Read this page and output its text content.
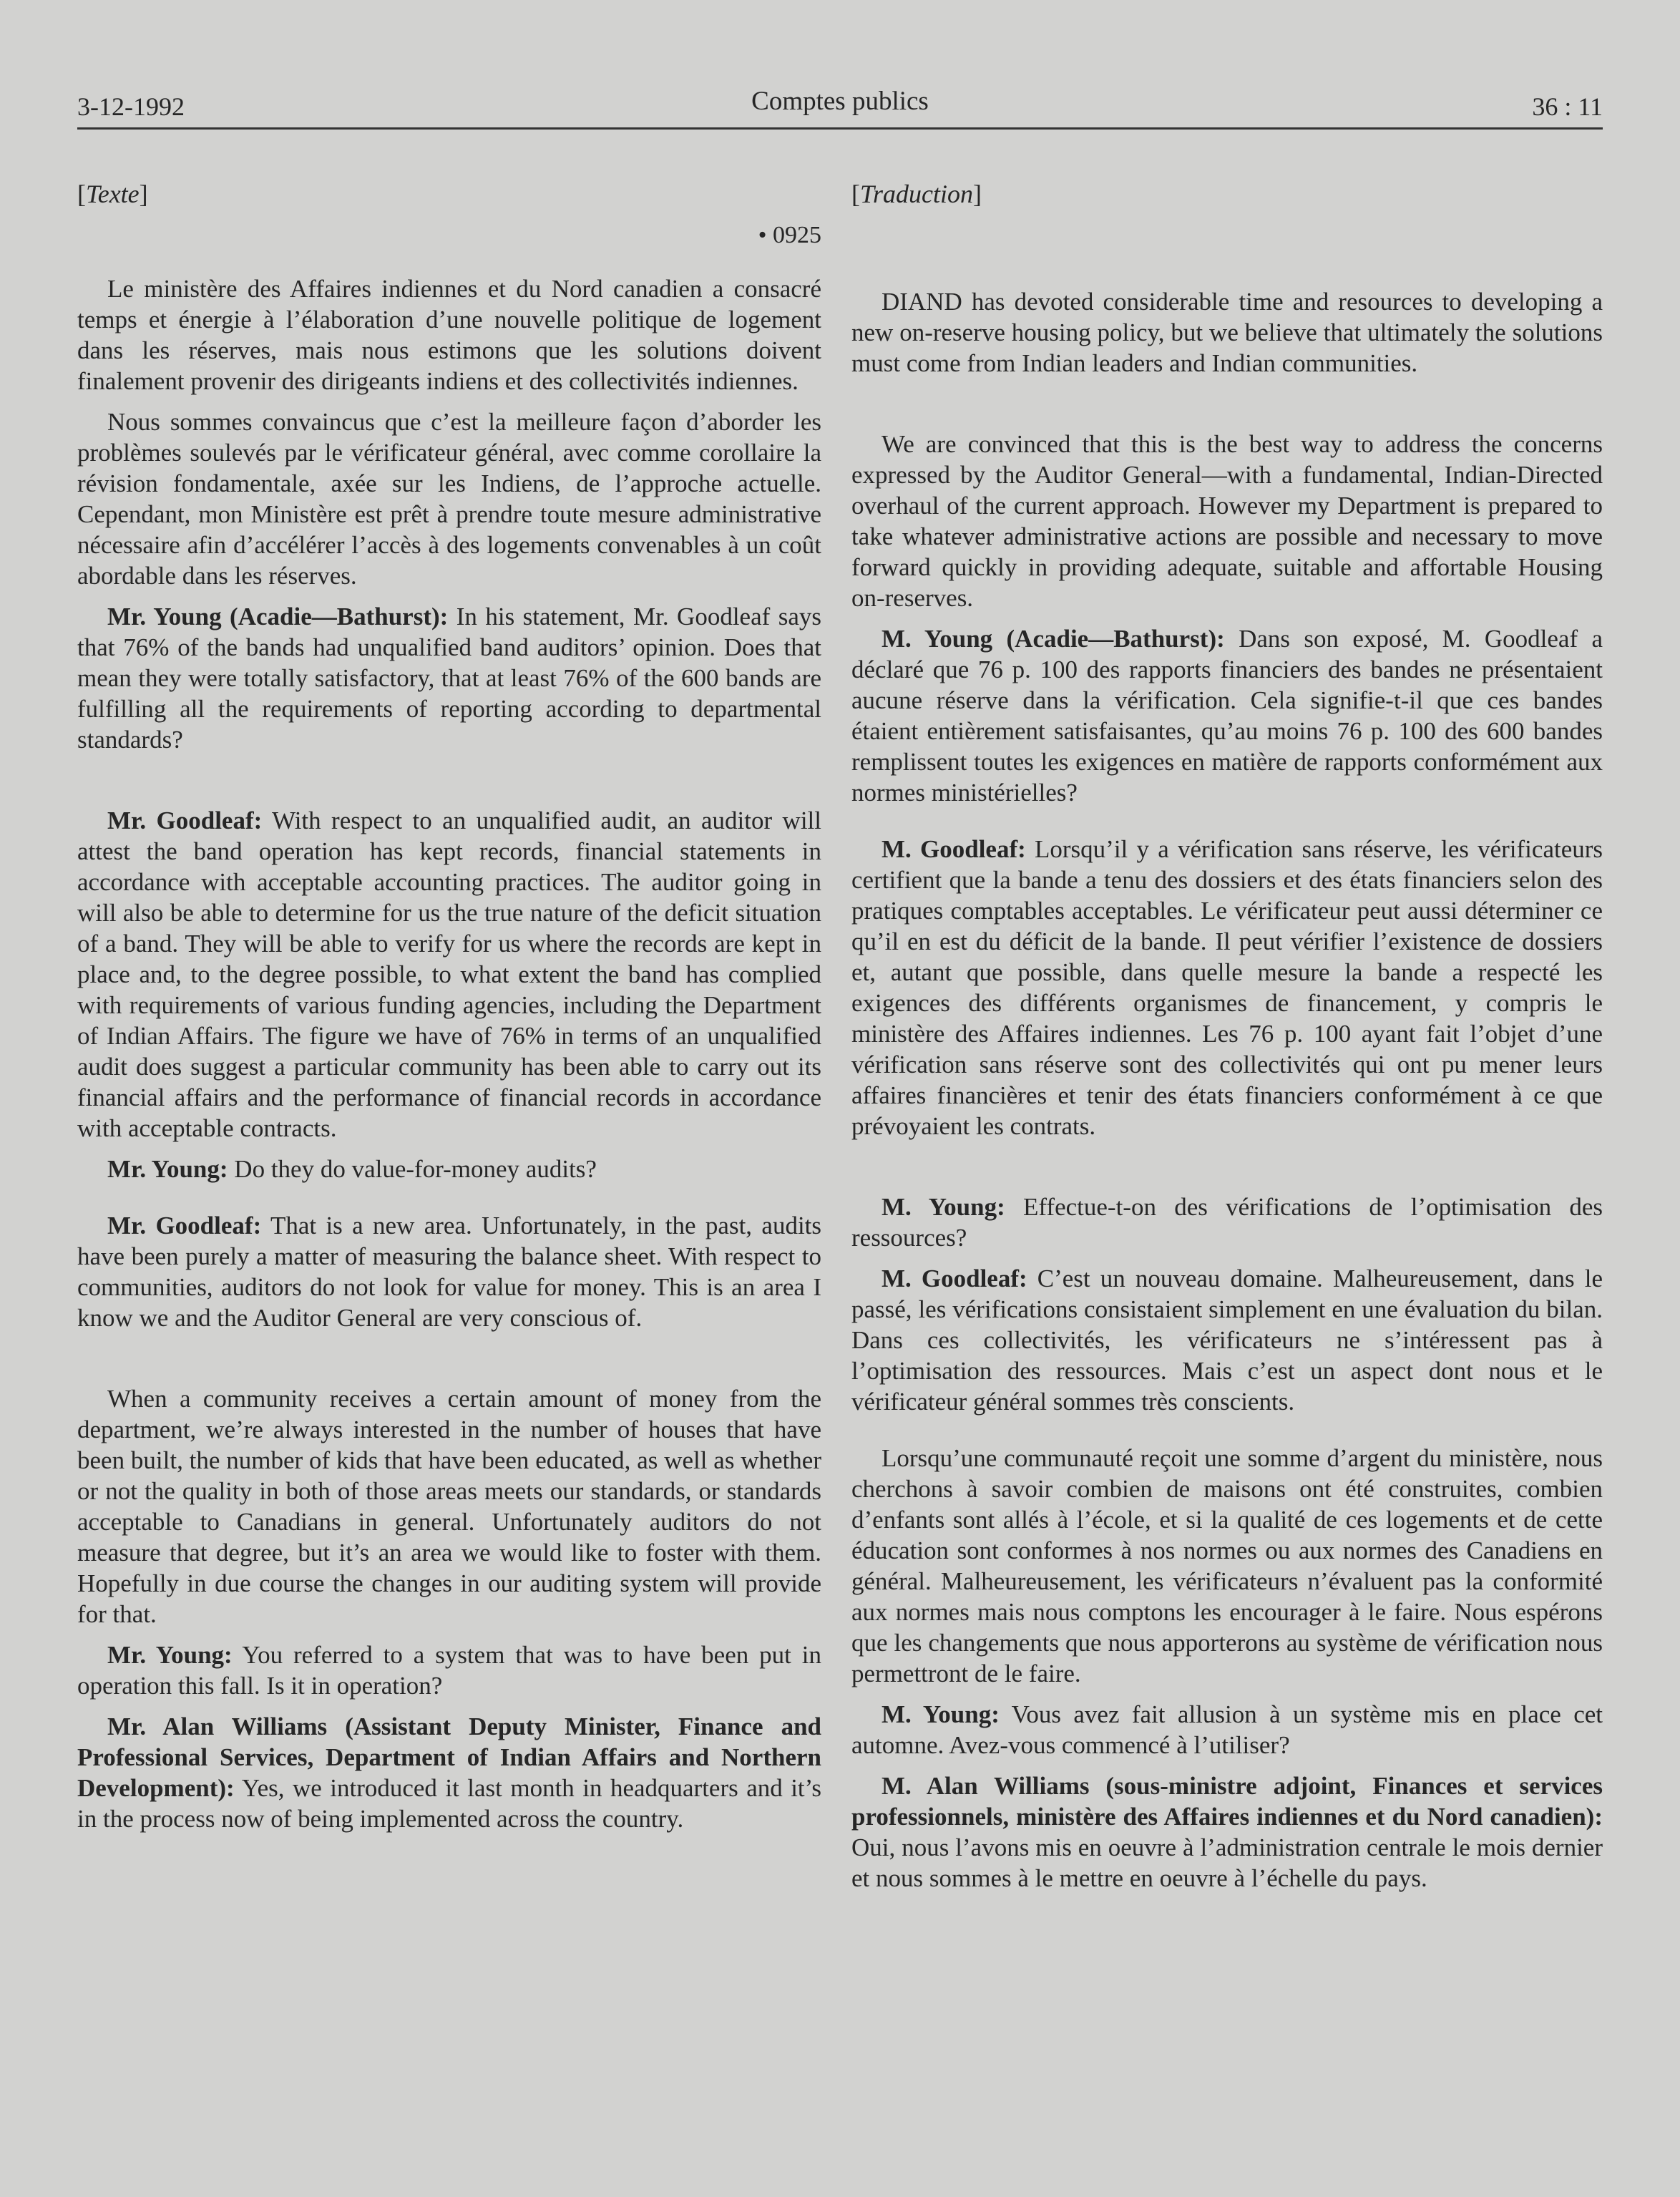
3-12-1992	Comptes publics	36 : 11
[Texte]
• 0925

Le ministère des Affaires indiennes et du Nord canadien a consacré temps et énergie à l’élaboration d’une nouvelle politique de logement dans les réserves, mais nous estimons que les solutions doivent finalement provenir des dirigeants indiens et des collectivités indiennes.

Nous sommes convaincus que c’est la meilleure façon d’aborder les problèmes soulevés par le vérificateur général, avec comme corollaire la révision fondamentale, axée sur les Indiens, de l’approche actuelle. Cependant, mon Ministère est prêt à prendre toute mesure administrative nécessaire afin d’accélérer l’accès à des logements convenables à un coût abordable dans les réserves.

Mr. Young (Acadie—Bathurst): In his statement, Mr. Goodleaf says that 76% of the bands had unqualified band auditors’ opinion. Does that mean they were totally satisfactory, that at least 76% of the 600 bands are fulfilling all the requirements of reporting according to departmental standards?

Mr. Goodleaf: With respect to an unqualified audit, an auditor will attest the band operation has kept records, financial statements in accordance with acceptable accounting practices. The auditor going in will also be able to determine for us the true nature of the deficit situation of a band. They will be able to verify for us where the records are kept in place and, to the degree possible, to what extent the band has complied with requirements of various funding agencies, including the Department of Indian Affairs. The figure we have of 76% in terms of an unqualified audit does suggest a particular community has been able to carry out its financial affairs and the performance of financial records in accordance with acceptable contracts.

Mr. Young: Do they do value-for-money audits?

Mr. Goodleaf: That is a new area. Unfortunately, in the past, audits have been purely a matter of measuring the balance sheet. With respect to communities, auditors do not look for value for money. This is an area I know we and the Auditor General are very conscious of.

When a community receives a certain amount of money from the department, we’re always interested in the number of houses that have been built, the number of kids that have been educated, as well as whether or not the quality in both of those areas meets our standards, or standards acceptable to Canadians in general. Unfortunately auditors do not measure that degree, but it’s an area we would like to foster with them. Hopefully in due course the changes in our auditing system will provide for that.

Mr. Young: You referred to a system that was to have been put in operation this fall. Is it in operation?

Mr. Alan Williams (Assistant Deputy Minister, Finance and Professional Services, Department of Indian Affairs and Northern Development): Yes, we introduced it last month in headquarters and it’s in the process now of being implemented across the country.

[Traduction]

DIAND has devoted considerable time and resources to developing a new on-reserve housing policy, but we believe that ultimately the solutions must come from Indian leaders and Indian communities.

We are convinced that this is the best way to address the concerns expressed by the Auditor General—with a fundamental, Indian-Directed overhaul of the current approach. However my Department is prepared to take whatever administrative actions are possible and necessary to move forward quickly in providing adequate, suitable and affortable Housing on-reserves.

M. Young (Acadie—Bathurst): Dans son exposé, M. Goodleaf a déclaré que 76 p. 100 des rapports financiers des bandes ne présentaient aucune réserve dans la vérification. Cela signifie-t-il que ces bandes étaient entièrement satisfaisantes, qu’au moins 76 p. 100 des 600 bandes remplissent toutes les exigences en matière de rapports conformément aux normes ministérielles?

M. Goodleaf: Lorsqu’il y a vérification sans réserve, les vérificateurs certifient que la bande a tenu des dossiers et des états financiers selon des pratiques comptables acceptables. Le vérificateur peut aussi déterminer ce qu’il en est du déficit de la bande. Il peut vérifier l’existence de dossiers et, autant que possible, dans quelle mesure la bande a respecté les exigences des différents organismes de financement, y compris le ministère des Affaires indiennes. Les 76 p. 100 ayant fait l’objet d’une vérification sans réserve sont des collectivités qui ont pu mener leurs affaires financières et tenir des états financiers conformément à ce que prévoyaient les contrats.

M. Young: Effectue-t-on des vérifications de l’optimisation des ressources?

M. Goodleaf: C’est un nouveau domaine. Malheureusement, dans le passé, les vérifications consistaient simplement en une évaluation du bilan. Dans ces collectivités, les vérificateurs ne s’intéressent pas à l’optimisation des ressources. Mais c’est un aspect dont nous et le vérificateur général sommes très conscients.

Lorsqu’une communauté reçoit une somme d’argent du ministère, nous cherchons à savoir combien de maisons ont été construites, combien d’enfants sont allés à l’école, et si la qualité de ces logements et de cette éducation sont conformes à nos normes ou aux normes des Canadiens en général. Malheureusement, les vérificateurs n’évaluent pas la conformité aux normes mais nous comptons les encourager à le faire. Nous espérons que les changements que nous apporterons au système de vérification nous permettront de le faire.

M. Young: Vous avez fait allusion à un système mis en place cet automne. Avez-vous commencé à l’utiliser?

M. Alan Williams (sous-ministre adjoint, Finances et services professionnels, ministère des Affaires indiennes et du Nord canadien): Oui, nous l’avons mis en oeuvre à l’administration centrale le mois dernier et nous sommes à le mettre en oeuvre à l’échelle du pays.
